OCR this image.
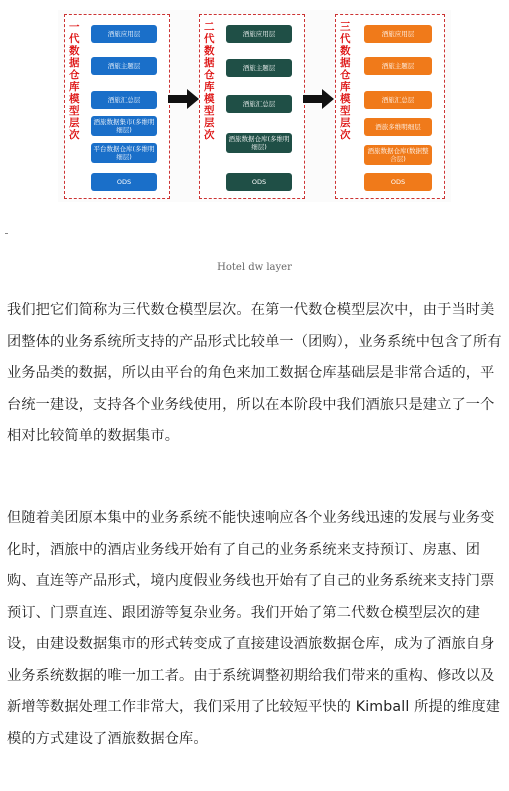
一代数据仓库模型层次
酒旅应用层
酒旅主题层
酒旅汇总层
酒旅数据集市(多维明细层)
平台数据仓库(多维明细层)
ODS
二代数据仓库模型层次
酒旅应用层
酒旅主题层
酒旅汇总层
酒旅数据仓库(多维明细层)
ODS
三代数据仓库模型层次
酒旅应用层
酒旅主题层
酒旅汇总层
酒旅多维明细层
酒旅数据仓库(数据整合层)
ODS
Hotel dw layer

我们把它们简称为三代数仓模型层次。在第一代数仓模型层次中，由于当时美团整体的业务系统所支持的产品形式比较单一（团购），业务系统中包含了所有业务品类的数据，所以由平台的角色来加工数据仓库基础层是非常合适的，平台统一建设，支持各个业务线使用，所以在本阶段中我们酒旅只是建立了一个相对比较简单的数据集市。

但随着美团原本集中的业务系统不能快速响应各个业务线迅速的发展与业务变化时，酒旅中的酒店业务线开始有了自己的业务系统来支持预订、房惠、团购、直连等产品形式，境内度假业务线也开始有了自己的业务系统来支持门票预订、门票直连、跟团游等复杂业务。我们开始了第二代数仓模型层次的建设，由建设数据集市的形式转变成了直接建设酒旅数据仓库，成为了酒旅自身业务系统数据的唯一加工者。由于系统调整初期给我们带来的重构、修改以及新增等数据处理工作非常大，我们采用了比较短平快的 Kimball 所提的维度建模的方式建设了酒旅数据仓库。
